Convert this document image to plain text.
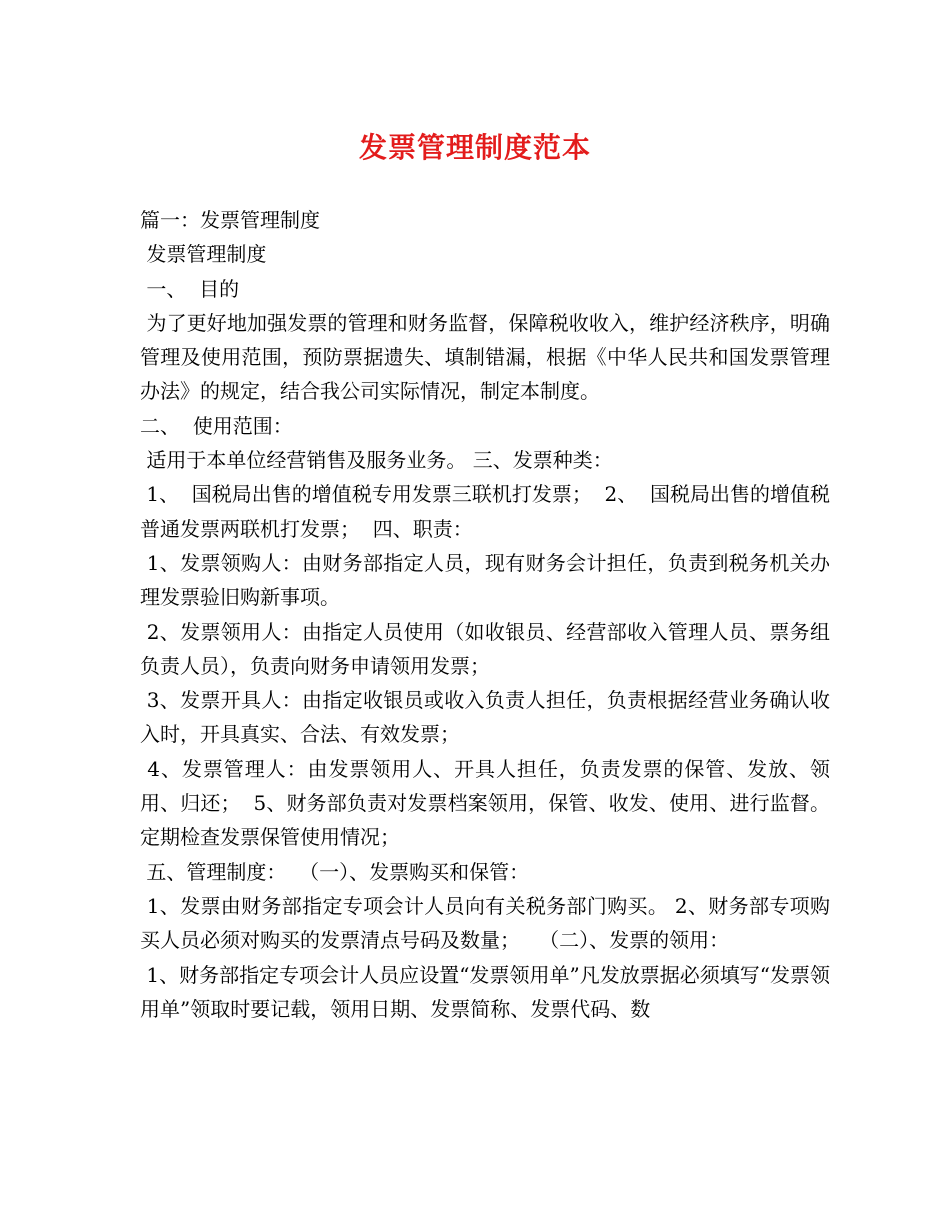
发票管理制度范本

篇一：发票管理制度

发票管理制度

一、  目的

为了更好地加强发票的管理和财务监督，保障税收收入，维护经济秩序，明确管理及使用范围，预防票据遗失、填制错漏，根据《中华人民共和国发票管理办法》的规定，结合我公司实际情况，制定本制度。

二、  使用范围：

适用于本单位经营销售及服务业务。 三、发票种类：

1、  国税局出售的增值税专用发票三联机打发票；  2、  国税局出售的增值税普通发票两联机打发票；  四、职责：

1、发票领购人：由财务部指定人员，现有财务会计担任，负责到税务机关办理发票验旧购新事项。

2、发票领用人：由指定人员使用（如收银员、经营部收入管理人员、票务组负责人员），负责向财务申请领用发票；

3、发票开具人：由指定收银员或收入负责人担任，负责根据经营业务确认收入时，开具真实、合法、有效发票；

4、发票管理人：由发票领用人、开具人担任，负责发票的保管、发放、领用、归还；  5、财务部负责对发票档案领用，保管、收发、使用、进行监督。定期检查发票保管使用情况；

五、管理制度：  （一）、发票购买和保管：

1、发票由财务部指定专项会计人员向有关税务部门购买。 2、财务部专项购买人员必须对购买的发票清点号码及数量；   （二）、发票的领用：

1、财务部指定专项会计人员应设置“发票领用单”凡发放票据必须填写“发票领用单”领取时要记载，领用日期、发票简称、发票代码、数
